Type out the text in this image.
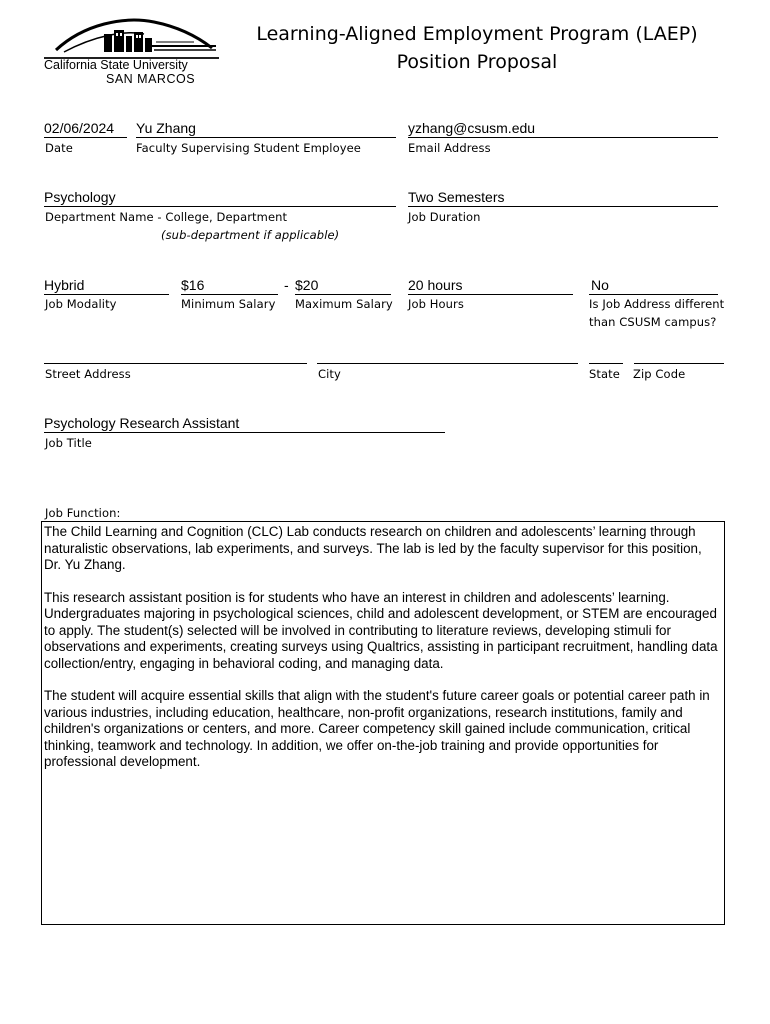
California State University
SAN MARCOS
Learning-Aligned Employment Program (LAEP)
Position Proposal
02/06/2024
Date
Yu Zhang
Faculty Supervising Student Employee
yzhang@csusm.edu
Email Address
Psychology
Department Name - College, Department
(sub-department if applicable)
Two Semesters
Job Duration
Hybrid
Job Modality
$16	-
Minimum Salary
$20
Maximum Salary
20 hours
Job Hours
No
Is Job Address different
than CSUSM campus?
Street Address	City	State Zip Code
Psychology Research Assistant
Job Title
Job Function:

The Child Learning and Cognition (CLC) Lab conducts research on children and adolescents’ learning through naturalistic observations, lab experiments, and surveys. The lab is led by the faculty supervisor for this position, Dr. Yu Zhang.

This research assistant position is for students who have an interest in children and adolescents’ learning. Undergraduates majoring in psychological sciences, child and adolescent development, or STEM are encouraged to apply. The student(s) selected will be involved in contributing to literature reviews, developing stimuli for observations and experiments, creating surveys using Qualtrics, assisting in participant recruitment, handling data collection/entry, engaging in behavioral coding, and managing data.

The student will acquire essential skills that align with the student's future career goals or potential career path in various industries, including education, healthcare, non-profit organizations, research institutions, family and children's organizations or centers, and more. Career competency skill gained include communication, critical thinking, teamwork and technology. In addition, we offer on-the-job training and provide opportunities for professional development.
